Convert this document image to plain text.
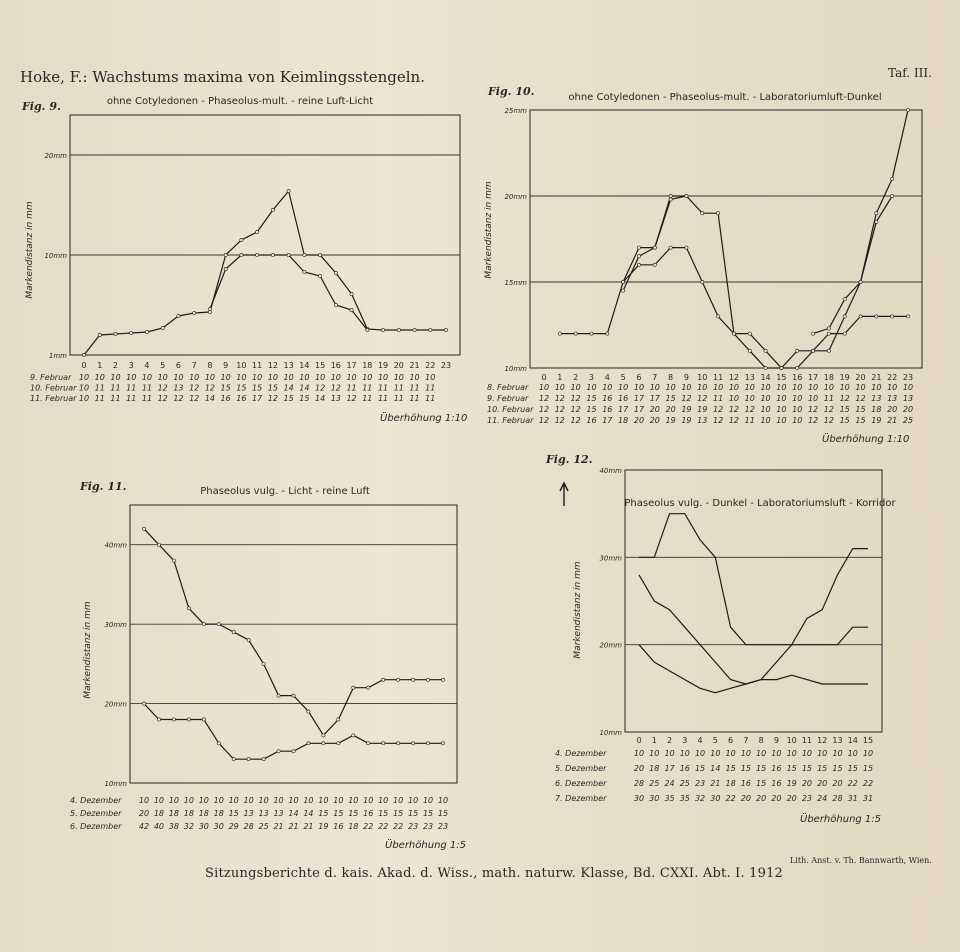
Hoke, F.: Wachstums maxima von Keimlingsstengeln.	Taf. III.
Sitzungsberichte d. kais. Akad. d. Wiss., math. naturw. Klasse, Bd. CXXI. Abt. I. 1912
Lith. Anst. v. Th. Bannwarth, Wien.
1mm
10mm
20mm
0 1 2 3 4 5 6 7 8 9 10 11 12 13 14 15 16 17 18 19 20 21 22 23
Fig. 9.	ohne Cotyledonen - Phaseolus-mult. - reine Luft-Licht
Markendistanz in mm
Überhöhung 1:10
9. Februar 10 10 10 10 10 10 10 10 10 10 10 10 10 10 10 10 10 10 10 10 10 10 10
10. Februar 10 11 11 11 11 12 13 12 12 15 15 15 15 14 14 12 12 11 11 11 11 11 11
11. Februar 10 11 11 11 11 12 12 12 14 16 16 17 12 15 15 14 13 12 11 11 11 11 11
10mm
15mm
20mm
25mm
0 1 2 3 4 5 6 7 8 9 10 11 12 13 14 15 16 17 18 19 20 21 22 23
Fig. 10.	ohne Cotyledonen - Phaseolus-mult. - Laboratoriumluft-Dunkel
Markendistanz in mm
Überhöhung 1:10
8. Februar 10 10 10 10 10 10 10 10 10 10 10 10 10 10 10 10 10 10 10 10 10 10 10 10
9. Februar 12 12 12 15 16 16 17 17 15 12 12 11 10 10 10 10 10 10 11 12 12 13 13 13
10. Februar 12 12 12 15 16 17 17 20 20 19 19 12 12 12 10 10 10 12 12 15 15 18 20 20
11. Februar 12 12 12 16 17 18 20 20 19 19 13 12 12 11 10 10 10 12 12 15 15 19 21 25
10mm
20mm
30mm
40mm
Fig. 11.	Phaseolus vulg. - Licht - reine Luft
Markendistanz in mm
Überhöhung 1:5
4. Dezember 10 10 10 10 10 10 10 10 10 10 10 10 10 10 10 10 10 10 10 10 10
5. Dezember 20 18 18 18 18 18 15 13 13 13 14 14 15 15 15 16 15 15 15 15 15
6. Dezember 42 40 38 32 30 30 29 28 25 21 21 21 19 16 18 22 22 22 23 23 23
10mm
20mm
30mm
40mm
0 1 2 3 4 5 6 7 8 9 10 11 12 13 14 15
Fig. 12.
Phaseolus vulg. - Dunkel - Laboratoriumsluft - Korridor
Markendistanz in mm
Überhöhung 1:5
4. Dezember	10 10 10 10 10 10 10 10 10 10 10 10 10 10 10 10
5. Dezember	20 18 17 16 15 14 15 15 15 16 15 15 15 15 15 15
6. Dezember	28 25 24 25 23 21 18 16 15 16 19 20 20 20 22 22
7. Dezember	30 30 35 35 32 30 22 20 20 20 20 23 24 28 31 31
